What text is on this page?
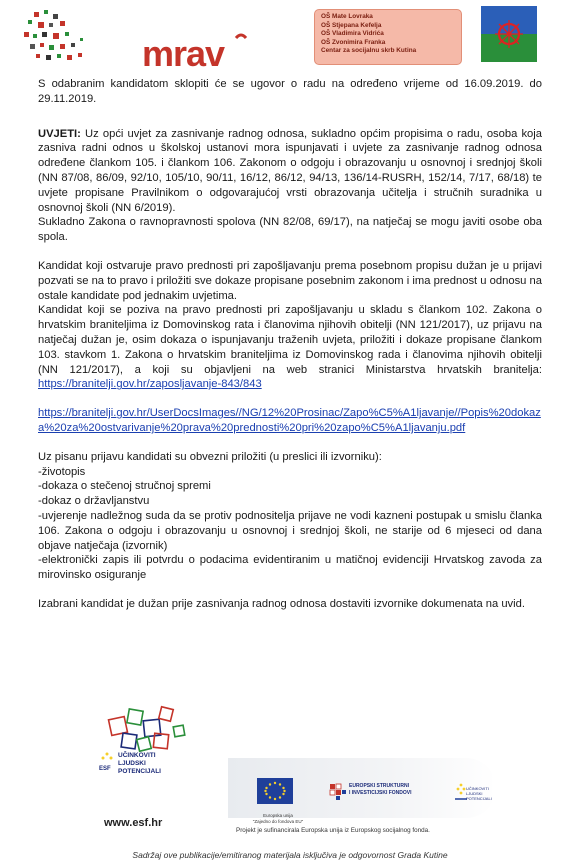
mrav
OŠ Mate Lovraka
OŠ Stjepana Kefelja
OŠ Vladimira Vidrića
OŠ Zvonimira Franka
Centar za socijalnu skrb Kutina

S odabranim kandidatom sklopiti će se ugovor o radu na određeno vrijeme od 16.09.2019. do 29.11.2019.

UVJETI: Uz opći uvjet za zasnivanje radnog odnosa, sukladno općim propisima o radu, osoba koja zasniva radni odnos u školskoj ustanovi mora ispunjavati i uvjete za zasnivanje radnog odnosa određene člankom 105. i člankom 106. Zakonom o odgoju i obrazovanju u osnovnoj i srednjoj školi (NN 87/08, 86/09, 92/10, 105/10, 90/11, 16/12, 86/12, 94/13, 136/14-RUSRH, 152/14, 7/17, 68/18) te uvjete propisane Pravilnikom o odgovarajućoj vrsti obrazovanja učitelja i stručnih suradnika u osnovnoj školi (NN 6/2019).

Sukladno Zakona o ravnopravnosti spolova (NN 82/08, 69/17), na natječaj se mogu javiti osobe oba spola.

Kandidat koji ostvaruje pravo prednosti pri zapošljavanju prema posebnom propisu dužan je u prijavi pozvati se na to pravo i priložiti sve dokaze propisane posebnim zakonom i ima prednost u odnosu na ostale kandidate pod jednakim uvjetima.

Kandidat koji se poziva na pravo prednosti pri zapošljavanju u skladu s člankom 102. Zakona o hrvatskim braniteljima iz Domovinskog rata i članovima njihovih obitelji (NN 121/2017), uz prijavu na natječaj dužan je, osim dokaza o ispunjavanju traženih uvjeta, priložiti i dokaze propisane člankom 103. stavkom 1. Zakona o hrvatskim braniteljima iz Domovinskog rada i članovima njihovih obitelji (NN 121/2017), a koji su objavljeni na web stranici Ministarstva hrvatskih branitelja: https://branitelji.gov.hr/zaposljavanje-843/843

https://branitelji.gov.hr/UserDocsImages//NG/12%20Prosinac/Zapo%C5%A1ljavanje//Popis%20dokaza%20za%20ostvarivanje%20prava%20prednosti%20pri%20zapo%C5%A1ljavanju.pdf

Uz pisanu prijavu kandidati su obvezni priložiti (u preslici ili izvorniku):

-životopis

-dokaza o stečenoj stručnoj spremi

-dokaz o državljanstvu

-uvjerenje nadležnog suda da se protiv podnositelja prijave ne vodi kazneni postupak u smislu članka 106. Zakona o odgoju i obrazovanju u osnovnoj i srednjoj školi, ne starije od 6 mjeseci od dana objave natječaja (izvornik)

-elektronički zapis ili potvrdu o podacima evidentiranim u matičnoj evidenciji Hrvatskog zavoda za mirovinsko osiguranje

Izabrani kandidat je dužan prije zasnivanja radnog odnosa dostaviti izvornike dokumenata na uvid.

ESF
UČINKOVITI
LJUDSKI
POTENCIJALI
www.esf.hr
Europska unija
"Zajedno do fondova EU"
EUROPSKI STRUKTURNI
I INVESTICIJSKI FONDOVI
UČINKOVITI
LJUDSKI
POTENCIJALI
Projekt je sufinancirala Europska unija iz Europskog socijalnog fonda.
Sadržaj ove publikacije/emitiranog materijala isključiva je odgovornost Grada Kutine
